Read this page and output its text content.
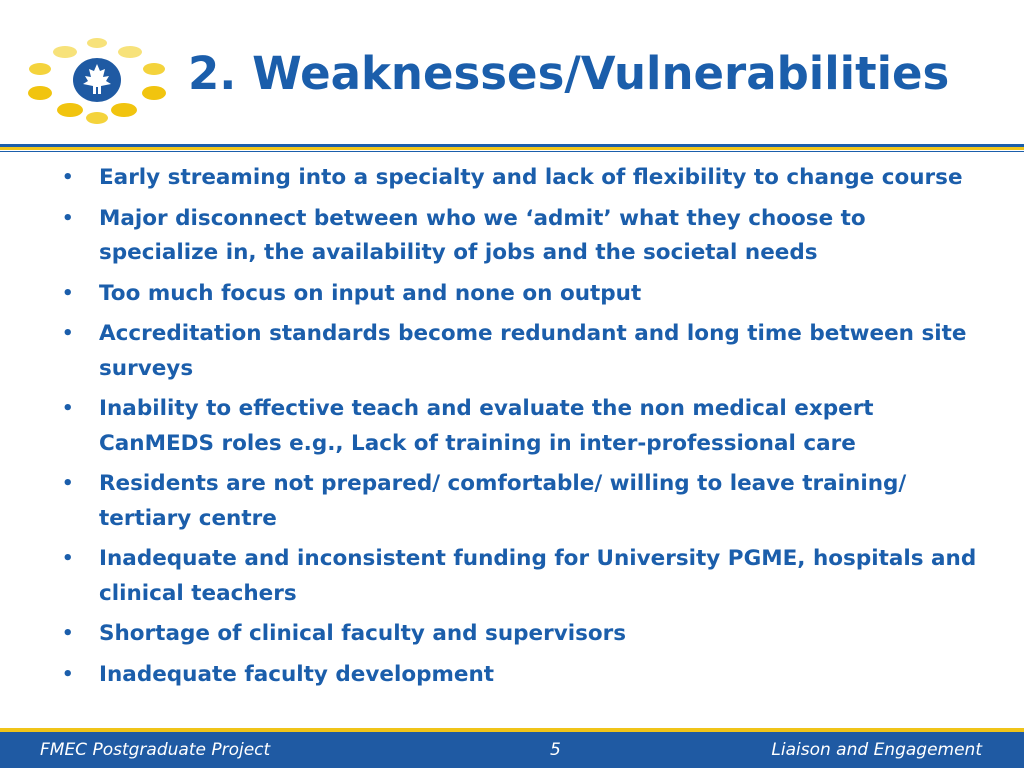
2. Weaknesses/Vulnerabilities
• Early streaming into a specialty and lack of flexibility to change course
• Major disconnect between who we ‘admit’ what they choose to specialize in, the availability of jobs and the societal needs
• Too much focus on input and none on output
• Accreditation standards become redundant and long time between site surveys
• Inability to effective teach and evaluate the non medical expert CanMEDS roles e.g., Lack of training in inter-professional care
• Residents are not prepared/ comfortable/ willing to leave training/ tertiary centre
• Inadequate and inconsistent funding for University PGME, hospitals and clinical teachers
• Shortage of clinical faculty and supervisors
• Inadequate faculty development
FMEC Postgraduate Project	5	Liaison and Engagement
